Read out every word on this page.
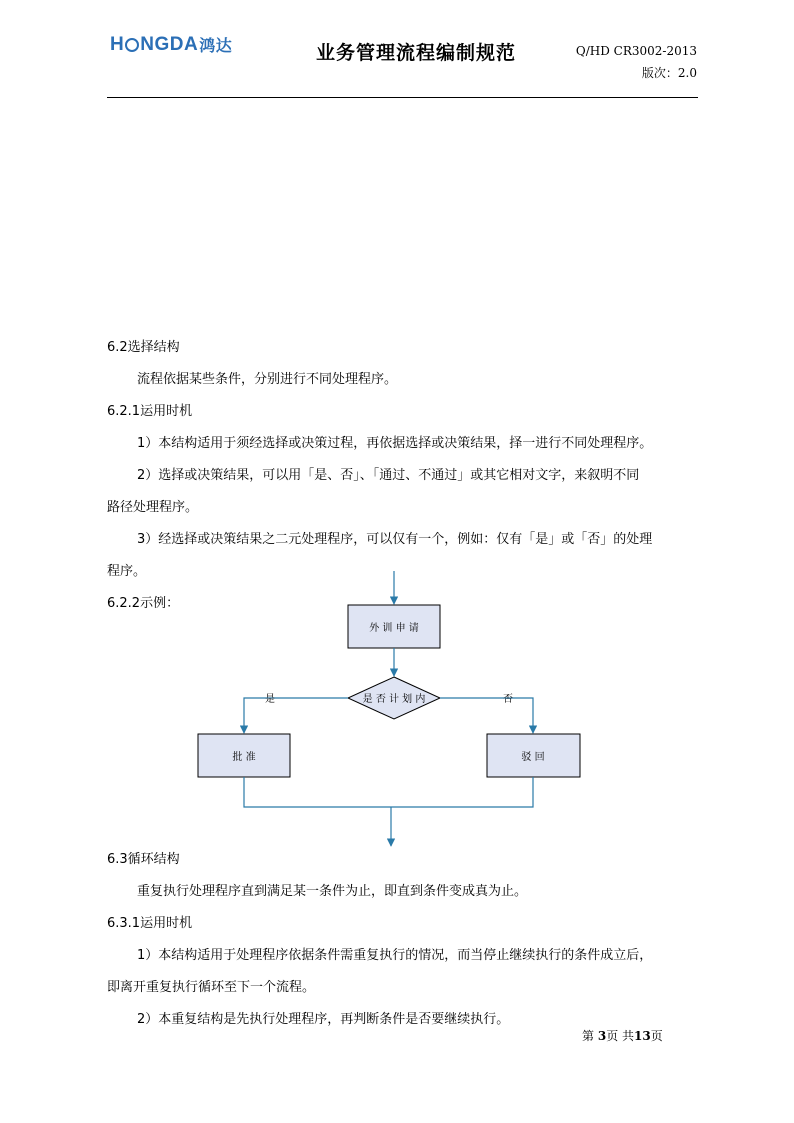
H NGDA 鸿达	业务管理流程编制规范	Q/HD CR3002-2013
版次：2.0
6.2选择结构
流程依据某些条件，分别进行不同处理程序。
6.2.1运用时机
1）本结构适用于须经选择或决策过程，再依据选择或决策结果，择一进行不同处理程序。
2）选择或决策结果，可以用「是、否」、「通过、不通过」或其它相对文字，来叙明不同
路径处理程序。
3）经选择或决策结果之二元处理程序，可以仅有一个，例如：仅有「是」或「否」的处理
程序。
6.2.2示例：
外 训 申 请
是 否 计 划 内
是	否
批 准	驳 回
6.3循环结构
重复执行处理程序直到满足某一条件为止，即直到条件变成真为止。
6.3.1运用时机
1）本结构适用于处理程序依据条件需重复执行的情况，而当停止继续执行的条件成立后，
即离开重复执行循环至下一个流程。
2）本重复结构是先执行处理程序，再判断条件是否要继续执行。
第 3页 共13页
